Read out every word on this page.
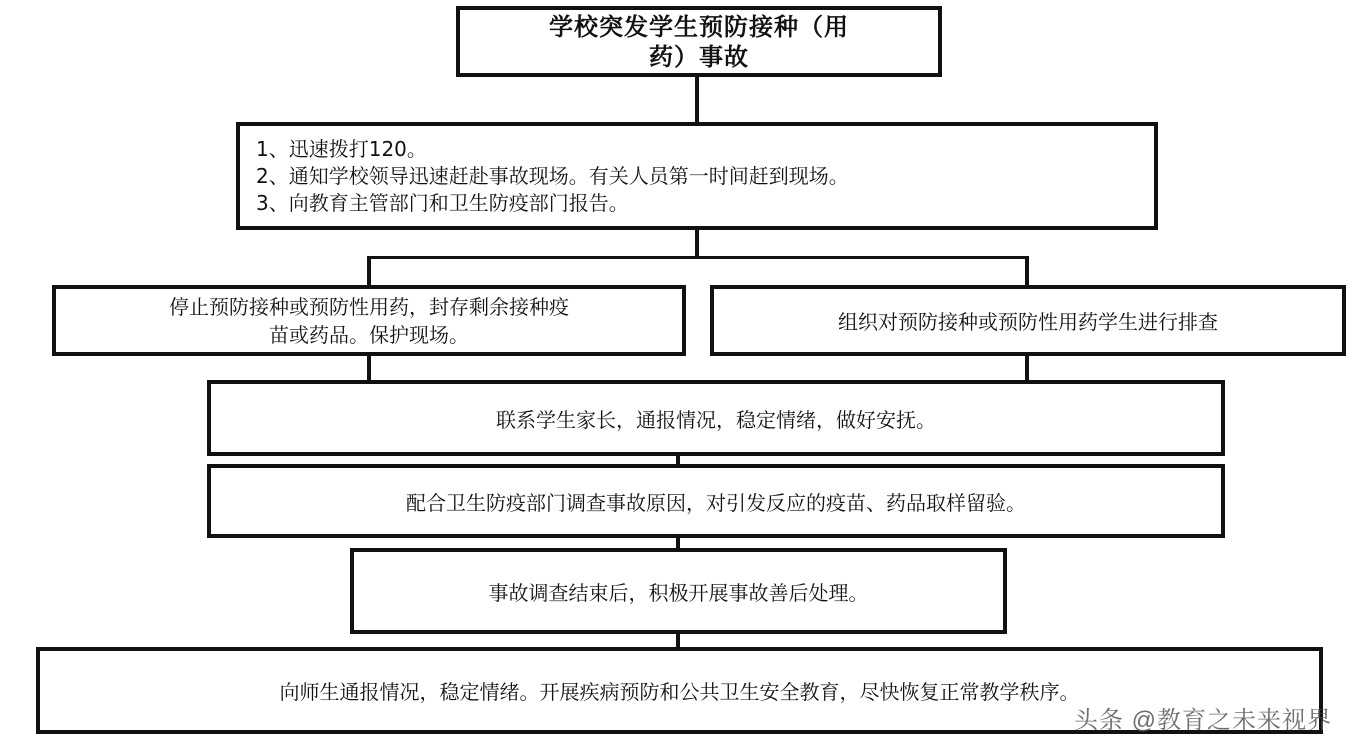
学校突发学生预防接种（用
药）事故
1、迅速拨打120。
2、通知学校领导迅速赶赴事故现场。有关人员第一时间赶到现场。
3、向教育主管部门和卫生防疫部门报告。
停止预防接种或预防性用药，封存剩余接种疫
苗或药品。保护现场。
组织对预防接种或预防性用药学生进行排查
联系学生家长，通报情况，稳定情绪，做好安抚。
配合卫生防疫部门调查事故原因，对引发反应的疫苗、药品取样留验。
事故调查结束后，积极开展事故善后处理。
向师生通报情况，稳定情绪。开展疾病预防和公共卫生安全教育，尽快恢复正常教学秩序。
头条 @教育之未来视界
